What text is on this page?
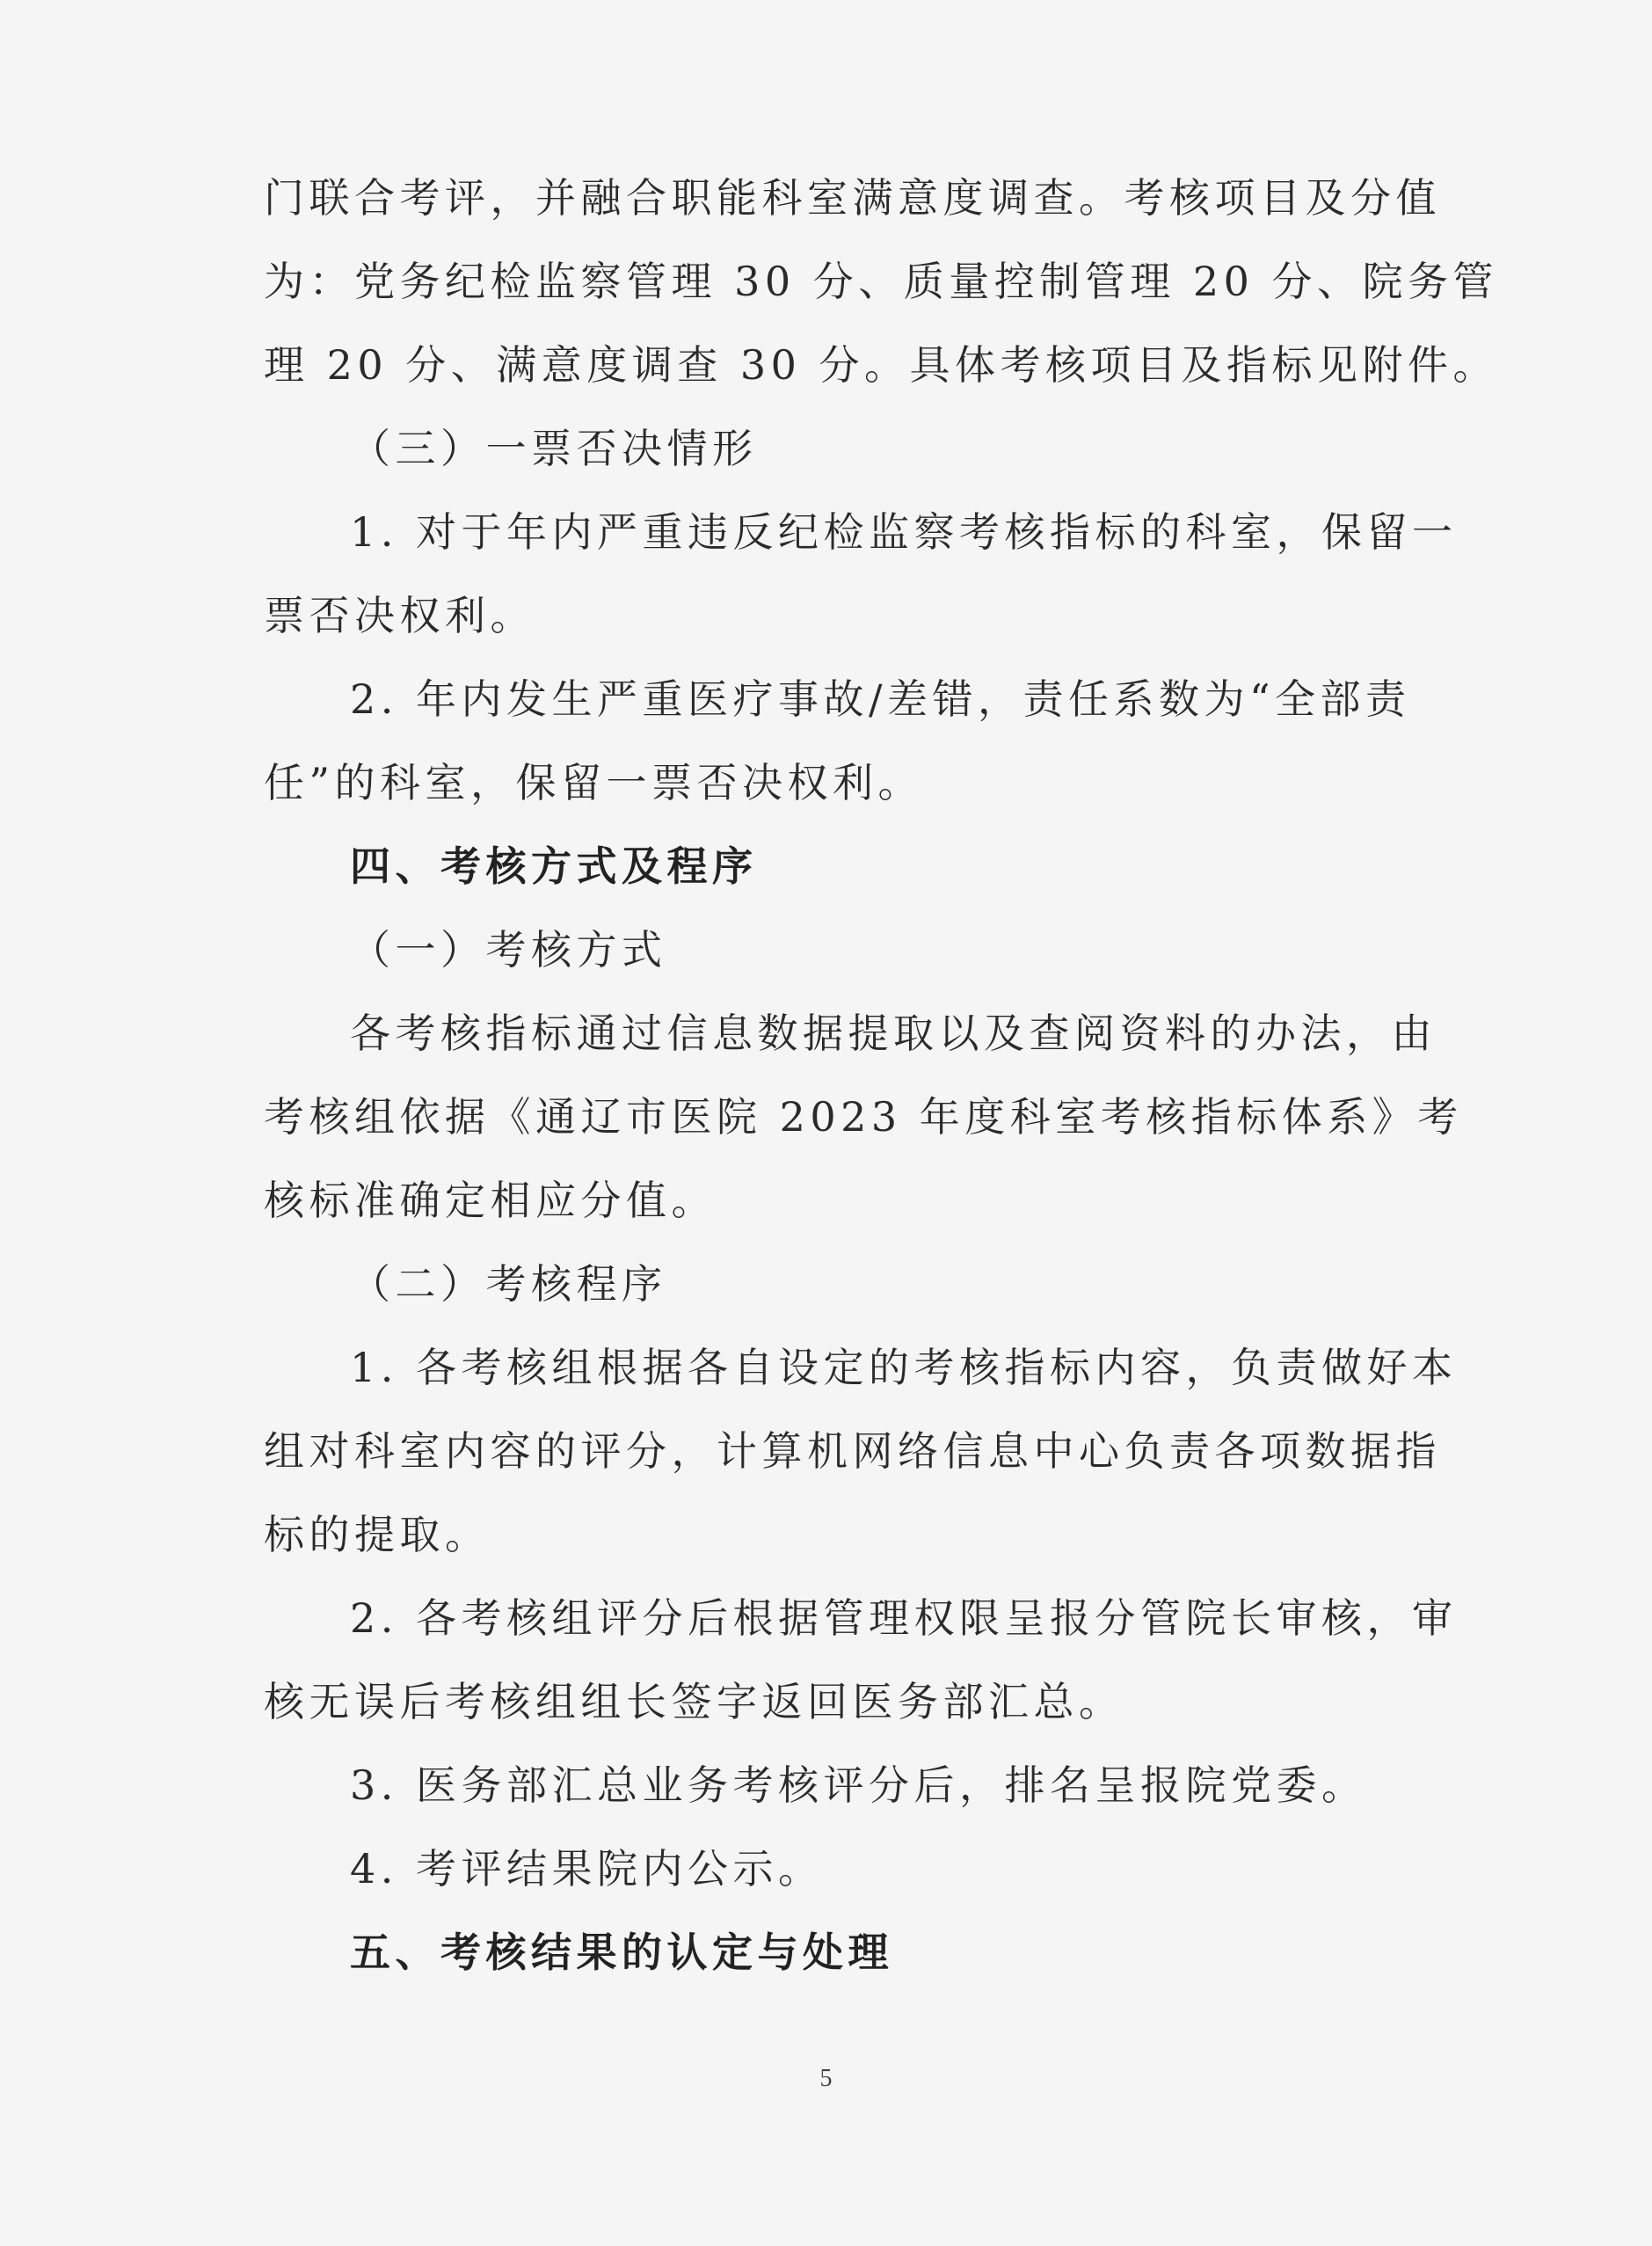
门联合考评，并融合职能科室满意度调查。考核项目及分值
为：党务纪检监察管理 30 分、质量控制管理 20 分、院务管
理 20 分、满意度调查 30 分。具体考核项目及指标见附件。
（三）一票否决情形
1. 对于年内严重违反纪检监察考核指标的科室，保留一
票否决权利。
2. 年内发生严重医疗事故/差错，责任系数为“全部责
任”的科室，保留一票否决权利。
四、考核方式及程序
（一）考核方式
各考核指标通过信息数据提取以及查阅资料的办法，由
考核组依据《通辽市医院 2023 年度科室考核指标体系》考
核标准确定相应分值。
（二）考核程序
1. 各考核组根据各自设定的考核指标内容，负责做好本
组对科室内容的评分，计算机网络信息中心负责各项数据指
标的提取。
2. 各考核组评分后根据管理权限呈报分管院长审核，审
核无误后考核组组长签字返回医务部汇总。
3. 医务部汇总业务考核评分后，排名呈报院党委。
4. 考评结果院内公示。
五、考核结果的认定与处理
5
